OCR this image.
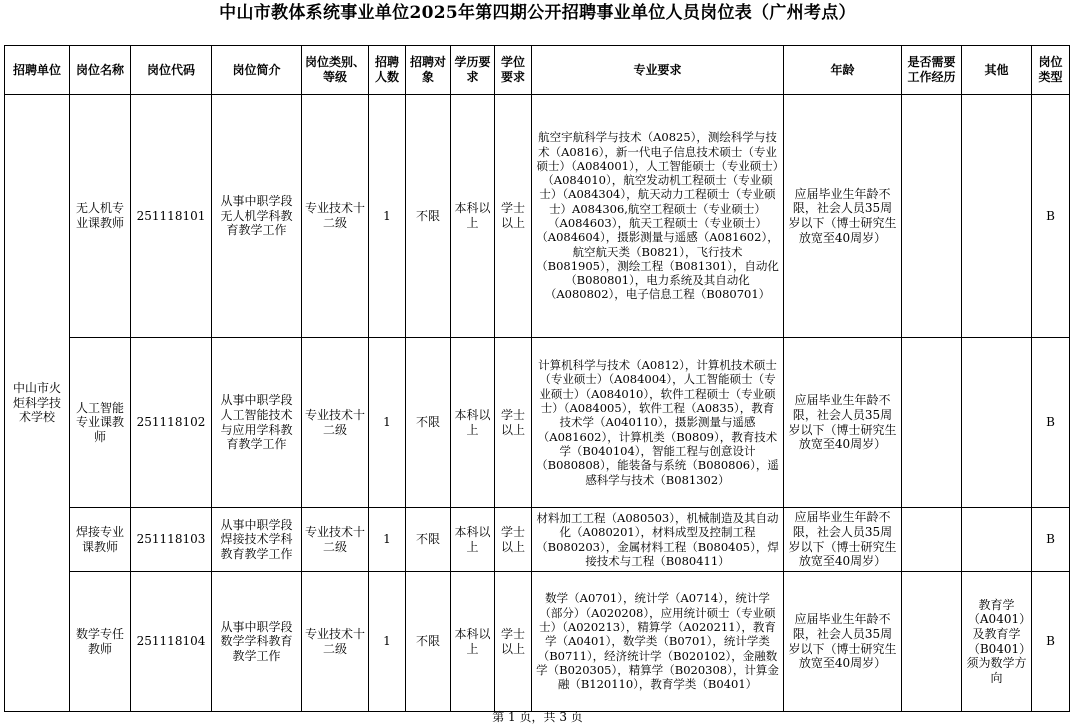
中山市教体系统事业单位2025年第四期公开招聘事业单位人员岗位表（广州考点）
招聘单位	岗位名称	岗位代码	岗位简介	岗位类别、等级	招聘人数	招聘对象	学历要求	学位要求	专业要求	年龄	是否需要工作经历	其他	岗位类型
中山市火炬科学技术学校	无人机专业课教师	251118101	从事中职学段无人机学科教育教学工作	专业技术十二级	1	不限	本科以上	学士以上	航空宇航科学与技术（A0825），测绘科学与技术（A0816），新一代电子信息技术硕士（专业硕士）（A084001），人工智能硕士（专业硕士）（A084010），航空发动机工程硕士（专业硕士）（A084304），航天动力工程硕士（专业硕士）A084306,航空工程硕士（专业硕士）（A084603），航天工程硕士（专业硕士）（A084604），摄影测量与遥感（A081602），航空航天类（B0821），飞行技术（B081905），测绘工程（B081301），自动化（B080801），电力系统及其自动化（A080802），电子信息工程（B080701）	应届毕业生年龄不限，社会人员35周岁以下（博士研究生放宽至40周岁）			B
	人工智能专业课教师	251118102	从事中职学段人工智能技术与应用学科教育教学工作	专业技术十二级	1	不限	本科以上	学士以上	计算机科学与技术（A0812），计算机技术硕士（专业硕士）（A084004），人工智能硕士（专业硕士）（A084010），软件工程硕士（专业硕士）（A084005），软件工程（A0835），教育技术学（A040110），摄影测量与遥感（A081602），计算机类（B0809），教育技术学（B040104），智能工程与创意设计（B080808），能装备与系统（B080806），遥感科学与技术（B081302）	应届毕业生年龄不限，社会人员35周岁以下（博士研究生放宽至40周岁）			B
	焊接专业课教师	251118103	从事中职学段焊接技术学科教育教学工作	专业技术十二级	1	不限	本科以上	学士以上	材料加工工程（A080503），机械制造及其自动化（A080201），材料成型及控制工程（B080203），金属材料工程（B080405），焊接技术与工程（B080411）	应届毕业生年龄不限，社会人员35周岁以下（博士研究生放宽至40周岁）			B
	数学专任教师	251118104	从事中职学段数学学科教育教学工作	专业技术十二级	1	不限	本科以上	学士以上	数学（A0701），统计学（A0714），统计学（部分）（A020208），应用统计硕士（专业硕士）（A020213），精算学（A020211），教育学（A0401），数学类（B0701），统计学类（B0711），经济统计学（B020102），金融数学（B020305），精算学（B020308），计算金融（B120110），教育学类（B0401）	应届毕业生年龄不限，社会人员35周岁以下（博士研究生放宽至40周岁）		教育学（A0401）及教育学（B0401）须为数学方向	B
第 1 页，共 3 页
